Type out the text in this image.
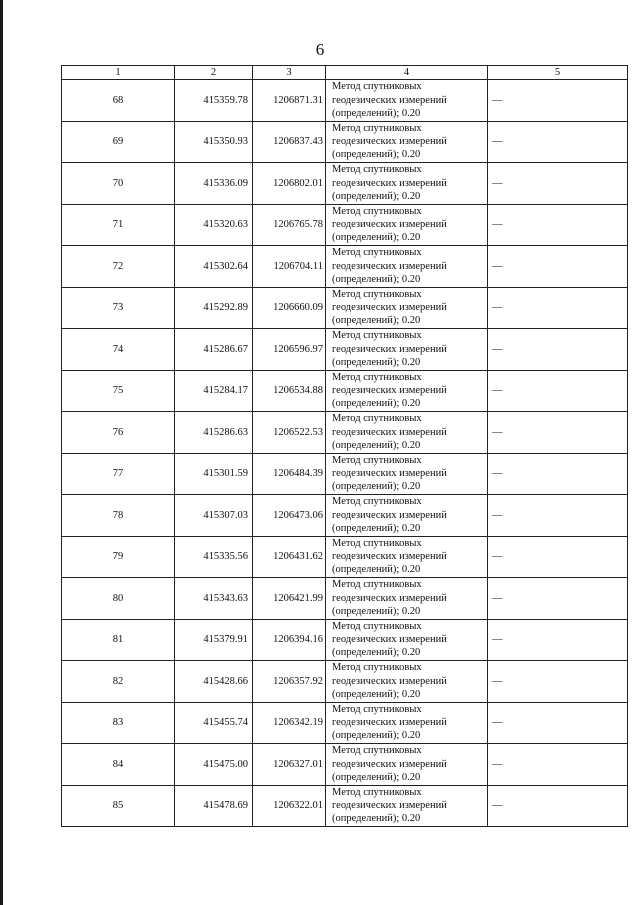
6
1	2	3	4	5
68	415359.78	1206871.31	Метод спутниковых
геодезических измерений
(определений); 0.20	—
69	415350.93	1206837.43	Метод спутниковых
геодезических измерений
(определений); 0.20	—
70	415336.09	1206802.01	Метод спутниковых
геодезических измерений
(определений); 0.20	—
71	415320.63	1206765.78	Метод спутниковых
геодезических измерений
(определений); 0.20	—
72	415302.64	1206704.11	Метод спутниковых
геодезических измерений
(определений); 0.20	—
73	415292.89	1206660.09	Метод спутниковых
геодезических измерений
(определений); 0.20	—
74	415286.67	1206596.97	Метод спутниковых
геодезических измерений
(определений); 0.20	—
75	415284.17	1206534.88	Метод спутниковых
геодезических измерений
(определений); 0.20	—
76	415286.63	1206522.53	Метод спутниковых
геодезических измерений
(определений); 0.20	—
77	415301.59	1206484.39	Метод спутниковых
геодезических измерений
(определений); 0.20	—
78	415307.03	1206473.06	Метод спутниковых
геодезических измерений
(определений); 0.20	—
79	415335.56	1206431.62	Метод спутниковых
геодезических измерений
(определений); 0.20	—
80	415343.63	1206421.99	Метод спутниковых
геодезических измерений
(определений); 0.20	—
81	415379.91	1206394.16	Метод спутниковых
геодезических измерений
(определений); 0.20	—
82	415428.66	1206357.92	Метод спутниковых
геодезических измерений
(определений); 0.20	—
83	415455.74	1206342.19	Метод спутниковых
геодезических измерений
(определений); 0.20	—
84	415475.00	1206327.01	Метод спутниковых
геодезических измерений
(определений); 0.20	—
85	415478.69	1206322.01	Метод спутниковых
геодезических измерений
(определений); 0.20	—
